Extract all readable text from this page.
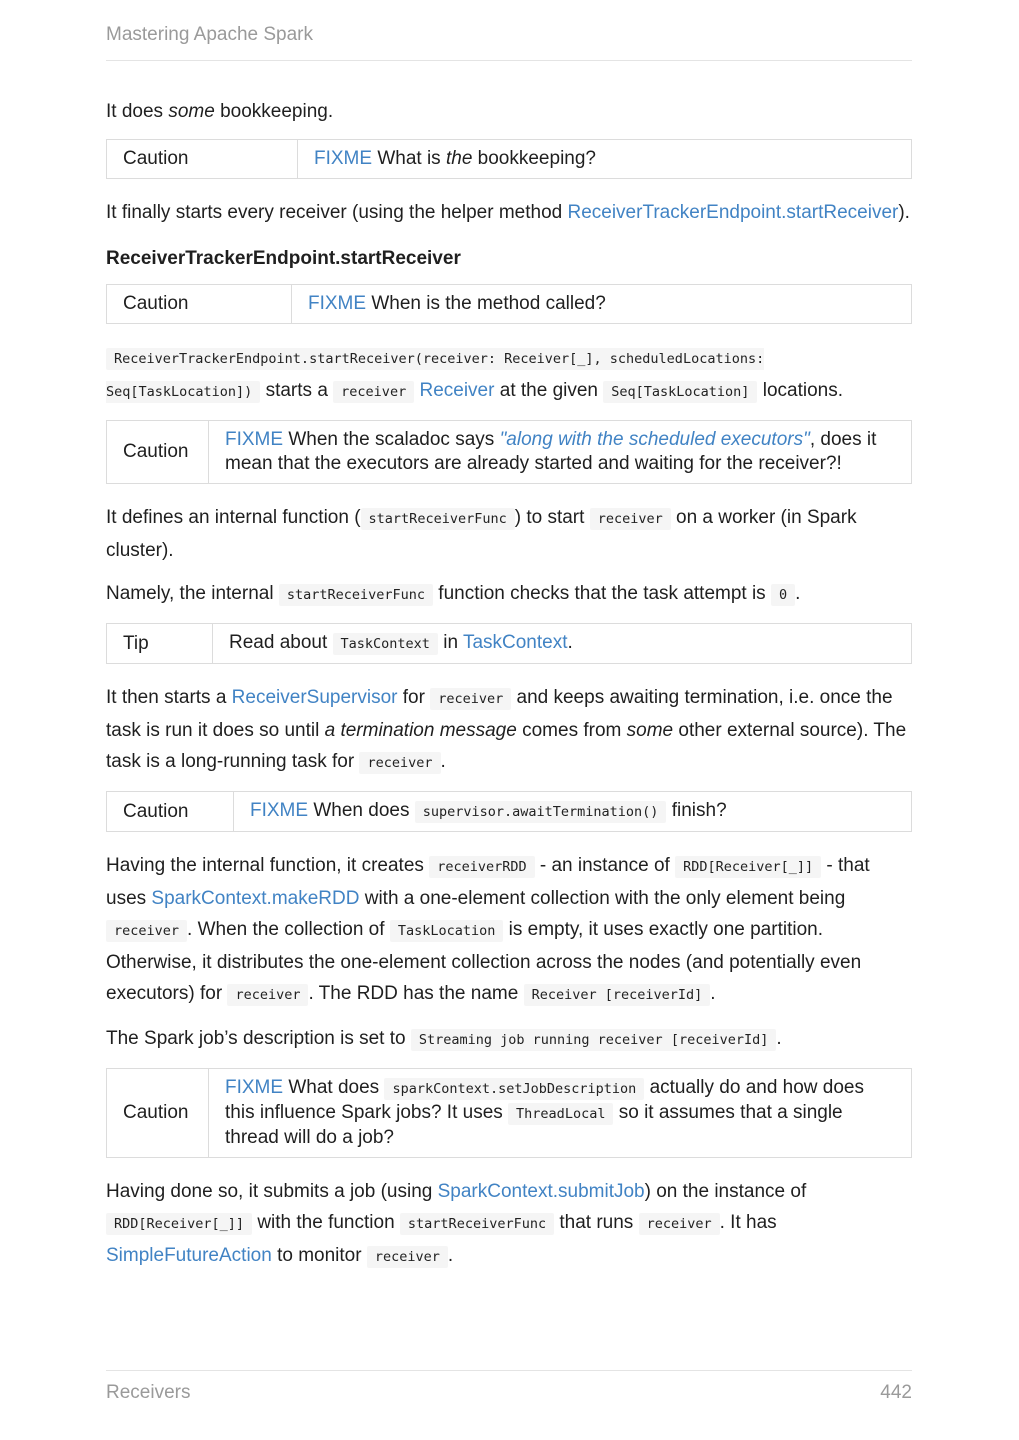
Mastering Apache Spark

It does some bookkeeping.

Caution	FIXME What is the bookkeeping?

It finally starts every receiver (using the helper method ReceiverTrackerEndpoint.startReceiver).

ReceiverTrackerEndpoint.startReceiver
Caution	FIXME When is the method called?

ReceiverTrackerEndpoint.startReceiver(receiver: Receiver[_], scheduledLocations: Seq[TaskLocation]) starts a receiver Receiver at the given Seq[TaskLocation] locations.

Caution	FIXME When the scaladoc says "along with the scheduled executors", does it mean that the executors are already started and waiting for the receiver?!

It defines an internal function ( startReceiverFunc ) to start receiver on a worker (in Spark cluster).

Namely, the internal startReceiverFunc function checks that the task attempt is 0 .

Tip	Read about TaskContext in TaskContext.

It then starts a ReceiverSupervisor for receiver and keeps awaiting termination, i.e. once the task is run it does so until a termination message comes from some other external source). The task is a long-running task for receiver .

Caution	FIXME When does supervisor.awaitTermination() finish?

Having the internal function, it creates receiverRDD - an instance of RDD[Receiver[_]] - that uses SparkContext.makeRDD with a one-element collection with the only element being receiver . When the collection of TaskLocation is empty, it uses exactly one partition. Otherwise, it distributes the one-element collection across the nodes (and potentially even executors) for receiver . The RDD has the name Receiver [receiverId] .

The Spark job’s description is set to Streaming job running receiver [receiverId] .

Caution	FIXME What does sparkContext.setJobDescription actually do and how does this influence Spark jobs? It uses ThreadLocal so it assumes that a single thread will do a job?

Having done so, it submits a job (using SparkContext.submitJob) on the instance of RDD[Receiver[_]] with the function startReceiverFunc that runs receiver . It has SimpleFutureAction to monitor receiver .

Receivers	442
